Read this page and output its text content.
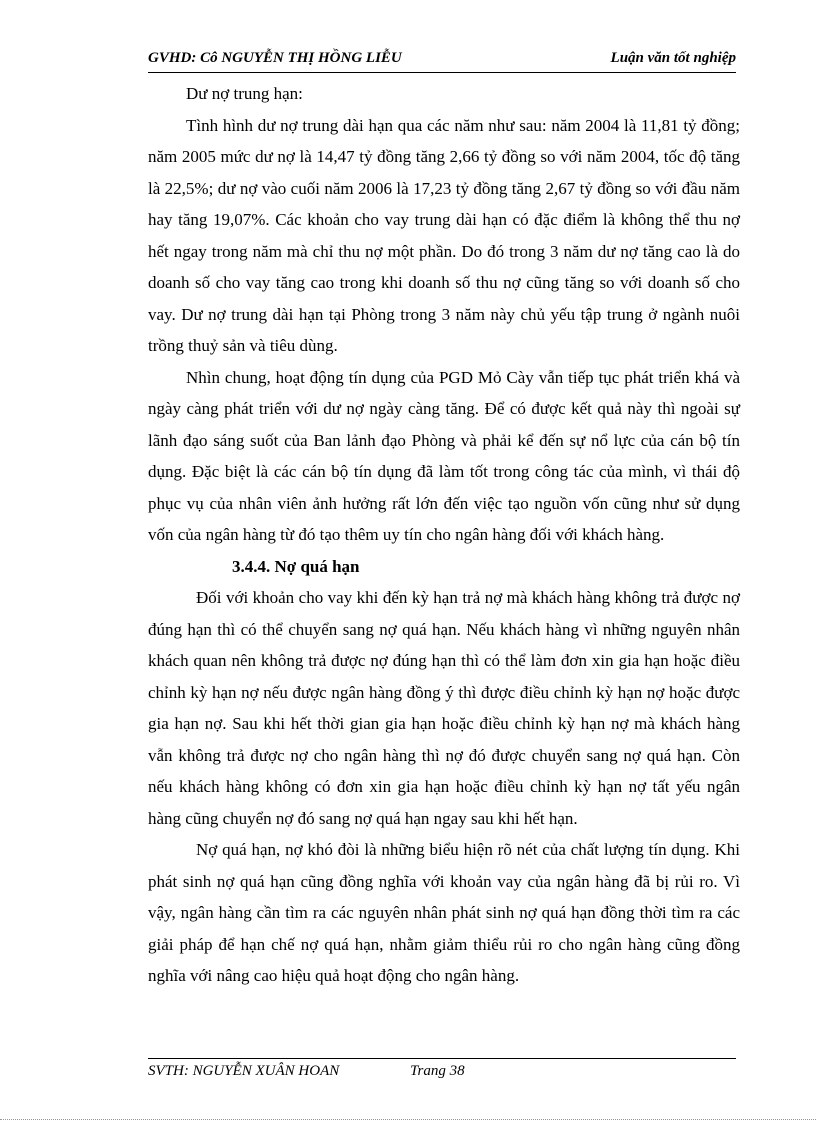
GVHD: Cô NGUYỄN THỊ HỒNG LIỄU	Luận văn tốt nghiệp

Dư nợ trung hạn:

Tình hình dư nợ trung dài hạn qua các năm như sau: năm 2004 là 11,81 tỷ đồng; năm 2005 mức dư nợ là 14,47 tỷ đồng tăng 2,66 tỷ đồng so với năm 2004, tốc độ tăng là 22,5%; dư nợ vào cuối năm 2006 là 17,23 tỷ đồng tăng 2,67 tỷ đồng so với đầu năm hay tăng 19,07%. Các khoản cho vay trung dài hạn có đặc điểm là không thể thu nợ hết ngay trong năm mà chỉ thu nợ một phần. Do đó trong 3 năm dư nợ tăng cao là do doanh số cho vay tăng cao trong khi doanh số thu nợ cũng tăng so với doanh số cho vay. Dư nợ trung dài hạn tại Phòng trong 3 năm này chủ yếu tập trung ở ngành nuôi trồng thuỷ sản và tiêu dùng.

Nhìn chung, hoạt động tín dụng của PGD Mỏ Cày vẫn tiếp tục phát triển khá và ngày càng phát triển với dư nợ ngày càng tăng. Để có được kết quả này thì ngoài sự lãnh đạo sáng suốt của Ban lảnh đạo Phòng và phải kể đến sự nổ lực của cán bộ tín dụng. Đặc biệt là các cán bộ tín dụng đã làm tốt trong công tác của mình, vì thái độ phục vụ của nhân viên ảnh hưởng rất lớn đến việc tạo nguồn vốn cũng như sử dụng vốn của ngân hàng từ đó tạo thêm uy tín cho ngân hàng đối với khách hàng.

3.4.4. Nợ quá hạn

Đối với khoản cho vay khi đến kỳ hạn trả nợ mà khách hàng không trả được nợ đúng hạn thì có thể chuyển sang nợ quá hạn. Nếu khách hàng vì những nguyên nhân khách quan nên không trả được nợ đúng hạn thì có thể làm đơn xin gia hạn hoặc điều chỉnh kỳ hạn nợ nếu được ngân hàng đồng ý thì được điều chỉnh kỳ hạn nợ hoặc được gia hạn nợ. Sau khi hết thời gian gia hạn hoặc điều chỉnh kỳ hạn nợ mà khách hàng vẫn không trả được nợ cho ngân hàng thì nợ đó được chuyển sang nợ quá hạn. Còn nếu khách hàng không có đơn xin gia hạn hoặc điều chỉnh kỳ hạn nợ tất yếu ngân hàng cũng chuyển nợ đó sang nợ quá hạn ngay sau khi hết hạn.

Nợ quá hạn, nợ khó đòi là những biểu hiện rõ nét của chất lượng tín dụng. Khi phát sinh nợ quá hạn cũng đồng nghĩa với khoản vay của ngân hàng đã bị rủi ro. Vì vậy, ngân hàng cần tìm ra các nguyên nhân phát sinh nợ quá hạn đồng thời tìm ra các giải pháp để hạn chế nợ quá hạn, nhằm giảm thiểu rủi ro cho ngân hàng cũng đồng nghĩa với nâng cao hiệu quả hoạt động cho ngân hàng.

SVTH: NGUYỄN XUÂN HOAN	Trang 38
